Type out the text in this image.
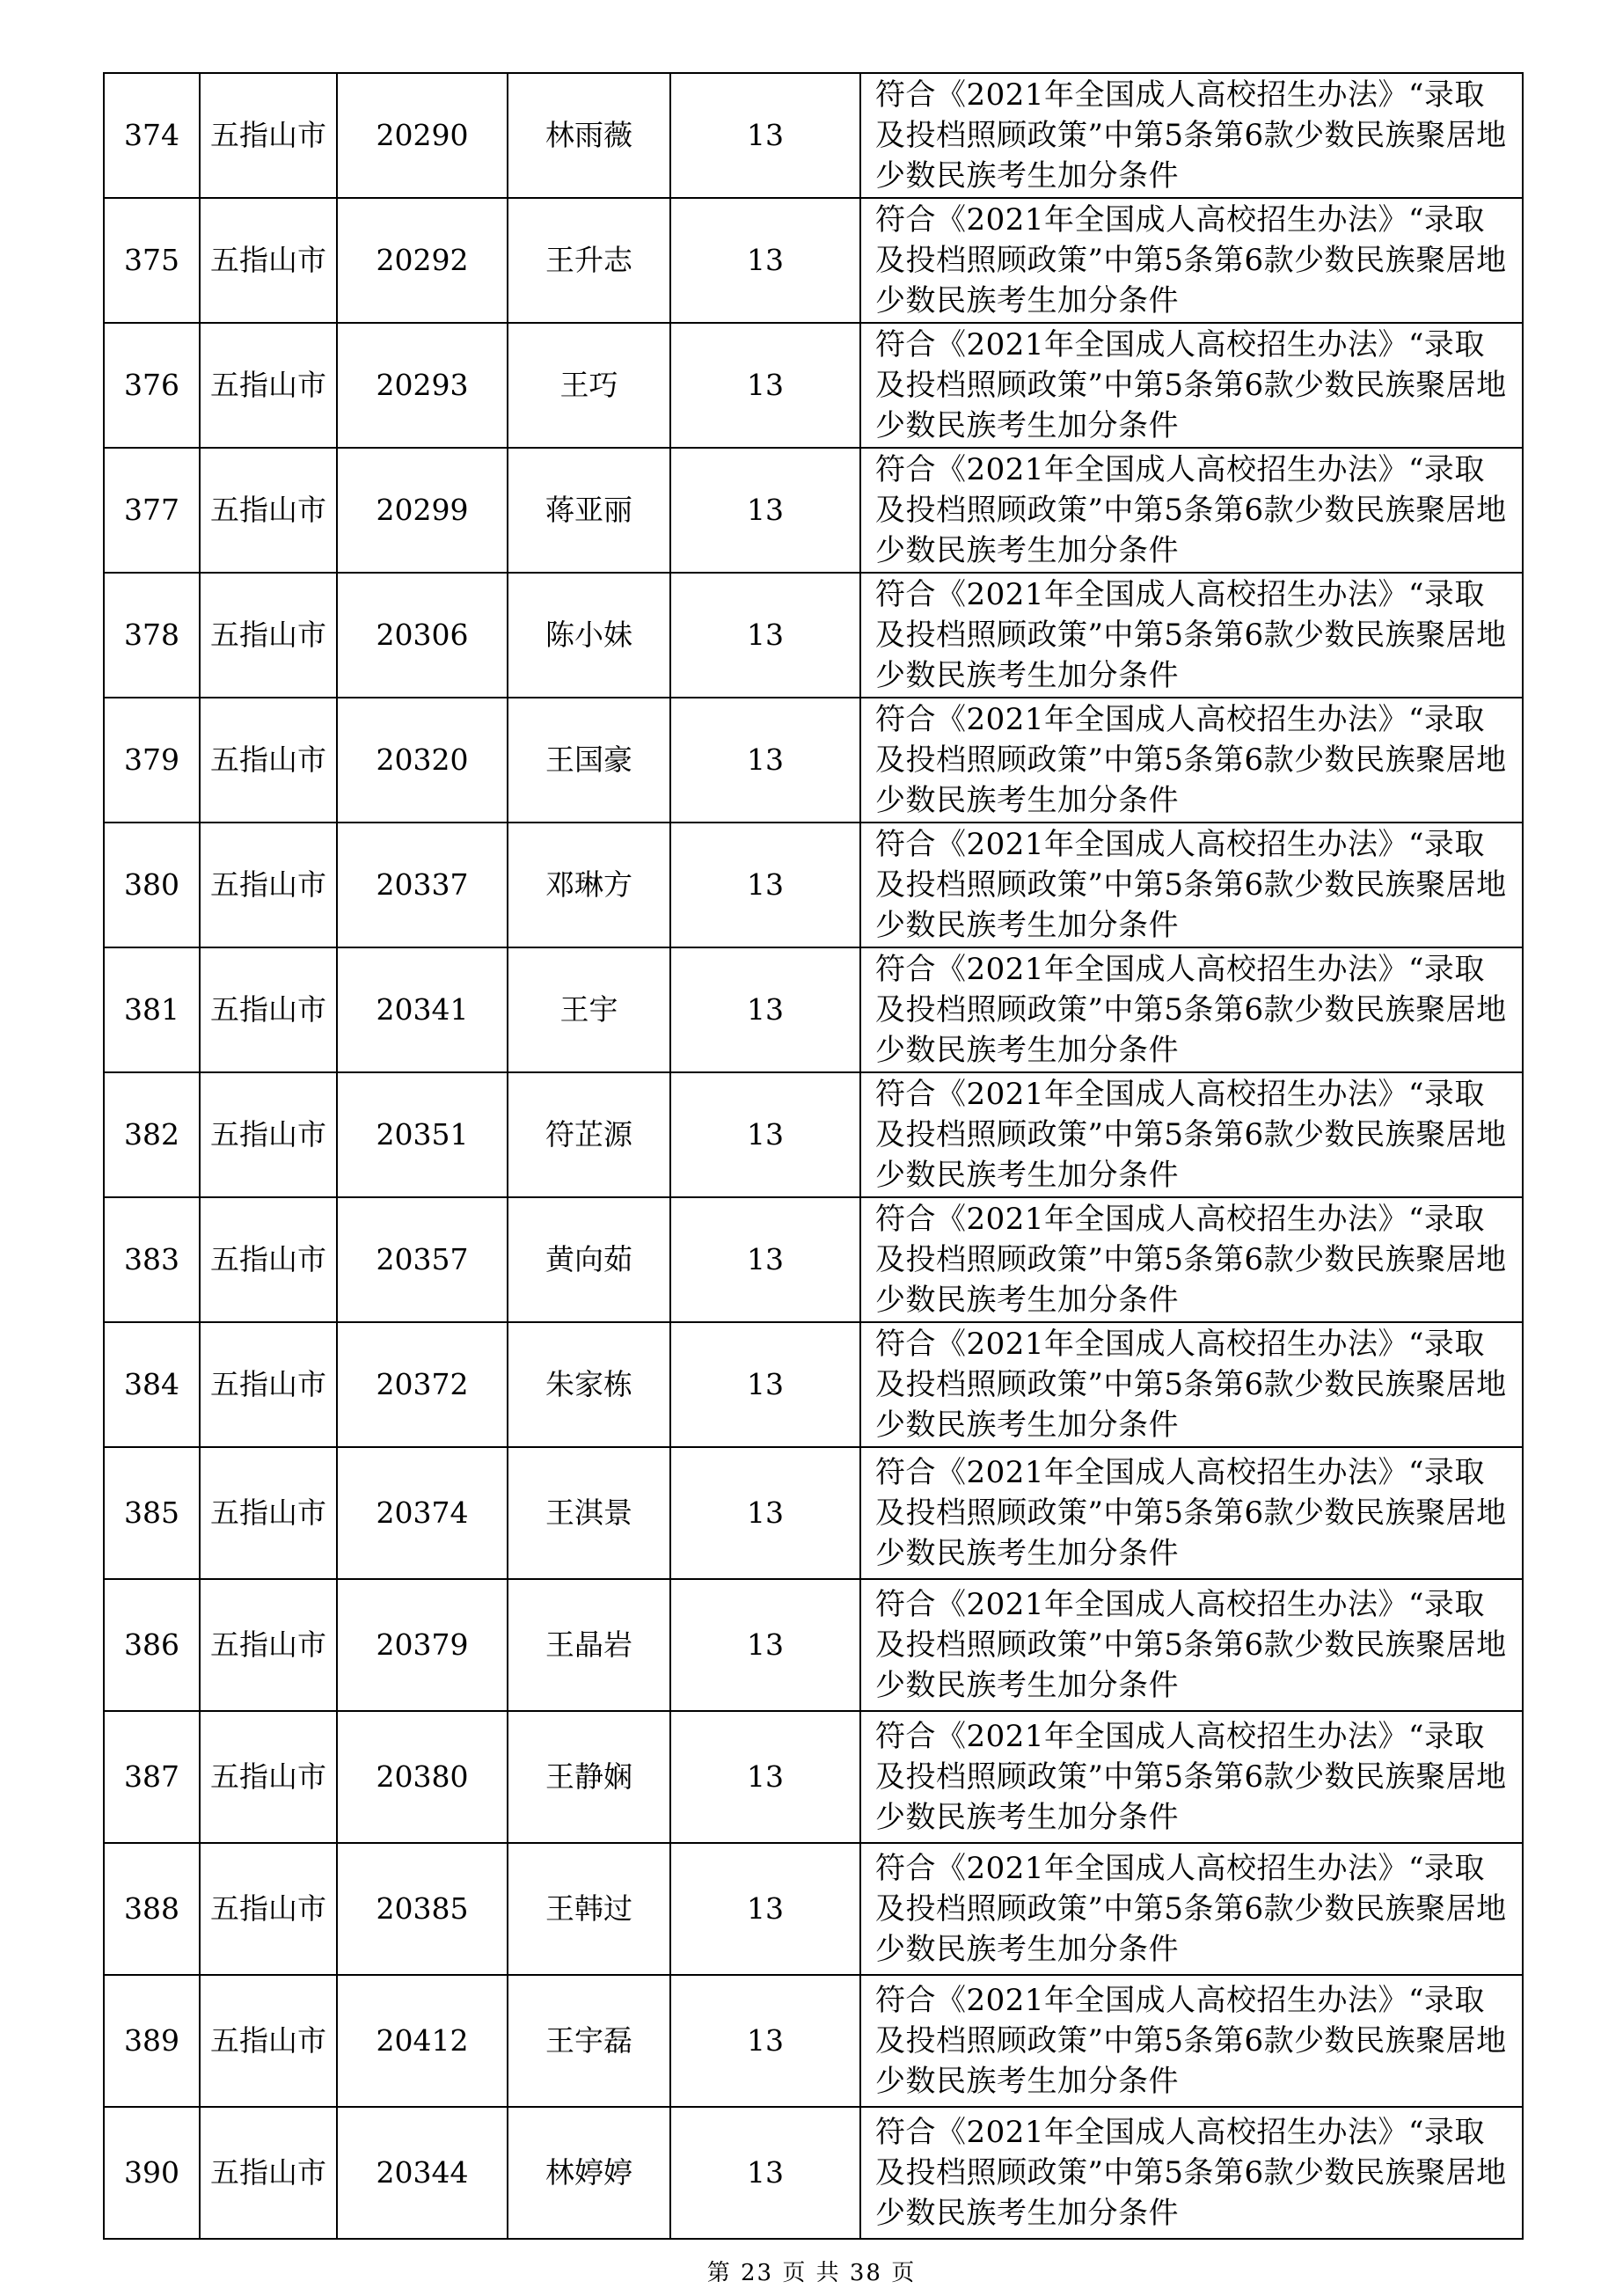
374	五指山市	20290	林雨薇	13	符合《2021年全国成人高校招生办法》“录取及投档照顾政策”中第5条第6款少数民族聚居地少数民族考生加分条件
375	五指山市	20292	王升志	13	符合《2021年全国成人高校招生办法》“录取及投档照顾政策”中第5条第6款少数民族聚居地少数民族考生加分条件
376	五指山市	20293	王巧	13	符合《2021年全国成人高校招生办法》“录取及投档照顾政策”中第5条第6款少数民族聚居地少数民族考生加分条件
377	五指山市	20299	蒋亚丽	13	符合《2021年全国成人高校招生办法》“录取及投档照顾政策”中第5条第6款少数民族聚居地少数民族考生加分条件
378	五指山市	20306	陈小妹	13	符合《2021年全国成人高校招生办法》“录取及投档照顾政策”中第5条第6款少数民族聚居地少数民族考生加分条件
379	五指山市	20320	王国豪	13	符合《2021年全国成人高校招生办法》“录取及投档照顾政策”中第5条第6款少数民族聚居地少数民族考生加分条件
380	五指山市	20337	邓琳方	13	符合《2021年全国成人高校招生办法》“录取及投档照顾政策”中第5条第6款少数民族聚居地少数民族考生加分条件
381	五指山市	20341	王宇	13	符合《2021年全国成人高校招生办法》“录取及投档照顾政策”中第5条第6款少数民族聚居地少数民族考生加分条件
382	五指山市	20351	符芷源	13	符合《2021年全国成人高校招生办法》“录取及投档照顾政策”中第5条第6款少数民族聚居地少数民族考生加分条件
383	五指山市	20357	黄向茹	13	符合《2021年全国成人高校招生办法》“录取及投档照顾政策”中第5条第6款少数民族聚居地少数民族考生加分条件
384	五指山市	20372	朱家栋	13	符合《2021年全国成人高校招生办法》“录取及投档照顾政策”中第5条第6款少数民族聚居地少数民族考生加分条件
385	五指山市	20374	王淇景	13	符合《2021年全国成人高校招生办法》“录取及投档照顾政策”中第5条第6款少数民族聚居地少数民族考生加分条件
386	五指山市	20379	王晶岩	13	符合《2021年全国成人高校招生办法》“录取及投档照顾政策”中第5条第6款少数民族聚居地少数民族考生加分条件
387	五指山市	20380	王静娴	13	符合《2021年全国成人高校招生办法》“录取及投档照顾政策”中第5条第6款少数民族聚居地少数民族考生加分条件
388	五指山市	20385	王韩过	13	符合《2021年全国成人高校招生办法》“录取及投档照顾政策”中第5条第6款少数民族聚居地少数民族考生加分条件
389	五指山市	20412	王宇磊	13	符合《2021年全国成人高校招生办法》“录取及投档照顾政策”中第5条第6款少数民族聚居地少数民族考生加分条件
390	五指山市	20344	林婷婷	13	符合《2021年全国成人高校招生办法》“录取及投档照顾政策”中第5条第6款少数民族聚居地少数民族考生加分条件
第 23 页 共 38 页
